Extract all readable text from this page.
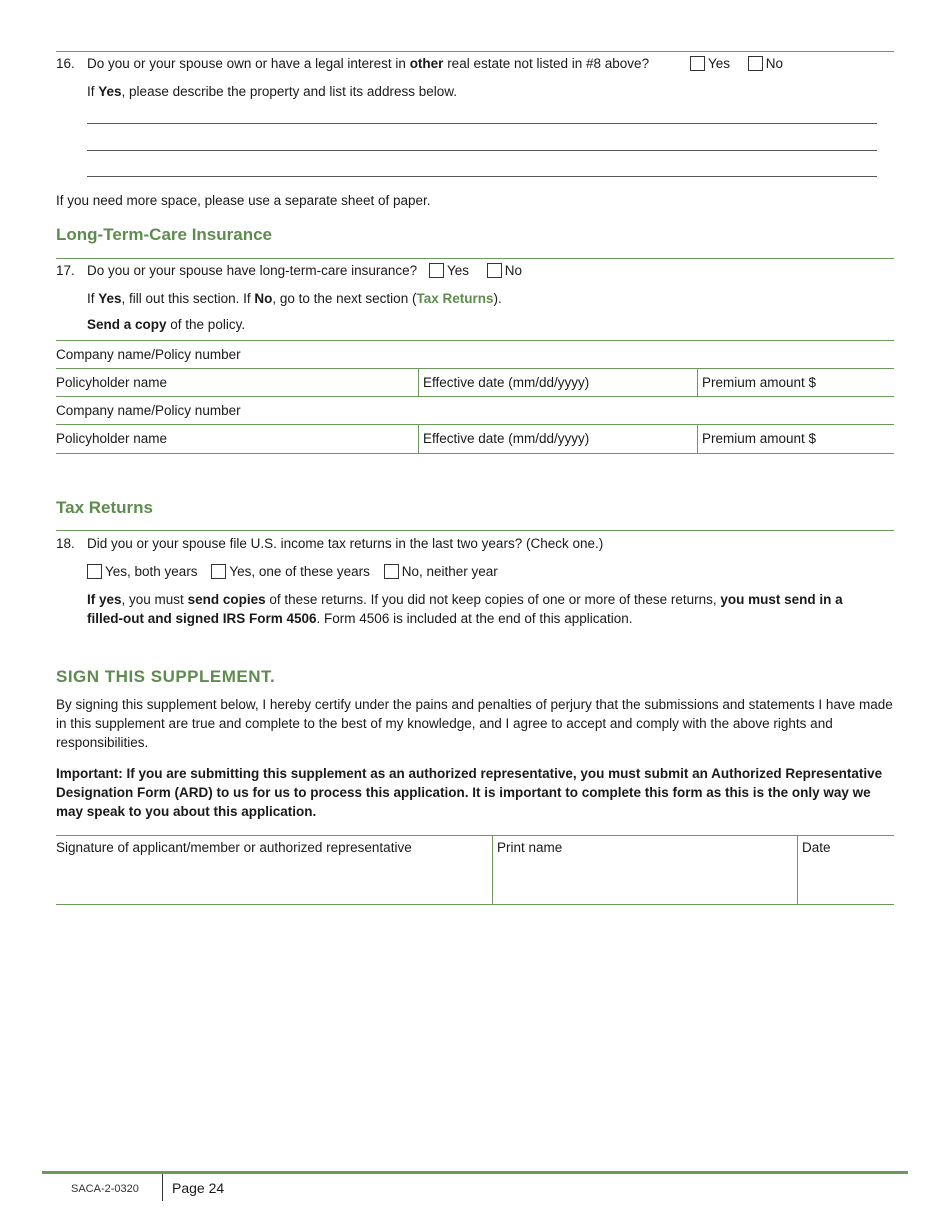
16. Do you or your spouse own or have a legal interest in other real estate not listed in #8 above?	Yes	No
If Yes, please describe the property and list its address below.
If you need more space, please use a separate sheet of paper.
Long-Term-Care Insurance
17. Do you or your spouse have long-term-care insurance? Yes	No
If Yes, fill out this section. If No, go to the next section (Tax Returns).
Send a copy of the policy.
Company name/Policy number
Policyholder name	Effective date (mm/dd/yyyy)	Premium amount $
Company name/Policy number
Policyholder name	Effective date (mm/dd/yyyy)	Premium amount $
Tax Returns
18. Did you or your spouse file U.S. income tax returns in the last two years? (Check one.)
Yes, both years Yes, one of these years No, neither year
If yes, you must send copies of these returns. If you did not keep copies of one or more of these returns, you must send in a filled-out and signed IRS Form 4506. Form 4506 is included at the end of this application.
SIGN THIS SUPPLEMENT.
By signing this supplement below, I hereby certify under the pains and penalties of perjury that the submissions and statements I have made in this supplement are true and complete to the best of my knowledge, and I agree to accept and comply with the above rights and responsibilities.
Important: If you are submitting this supplement as an authorized representative, you must submit an Authorized Representative Designation Form (ARD) to us for us to process this application. It is important to complete this form as this is the only way we may speak to you about this application.
Signature of applicant/member or authorized representative	Print name	Date
SACA-2-0320 Page 24
